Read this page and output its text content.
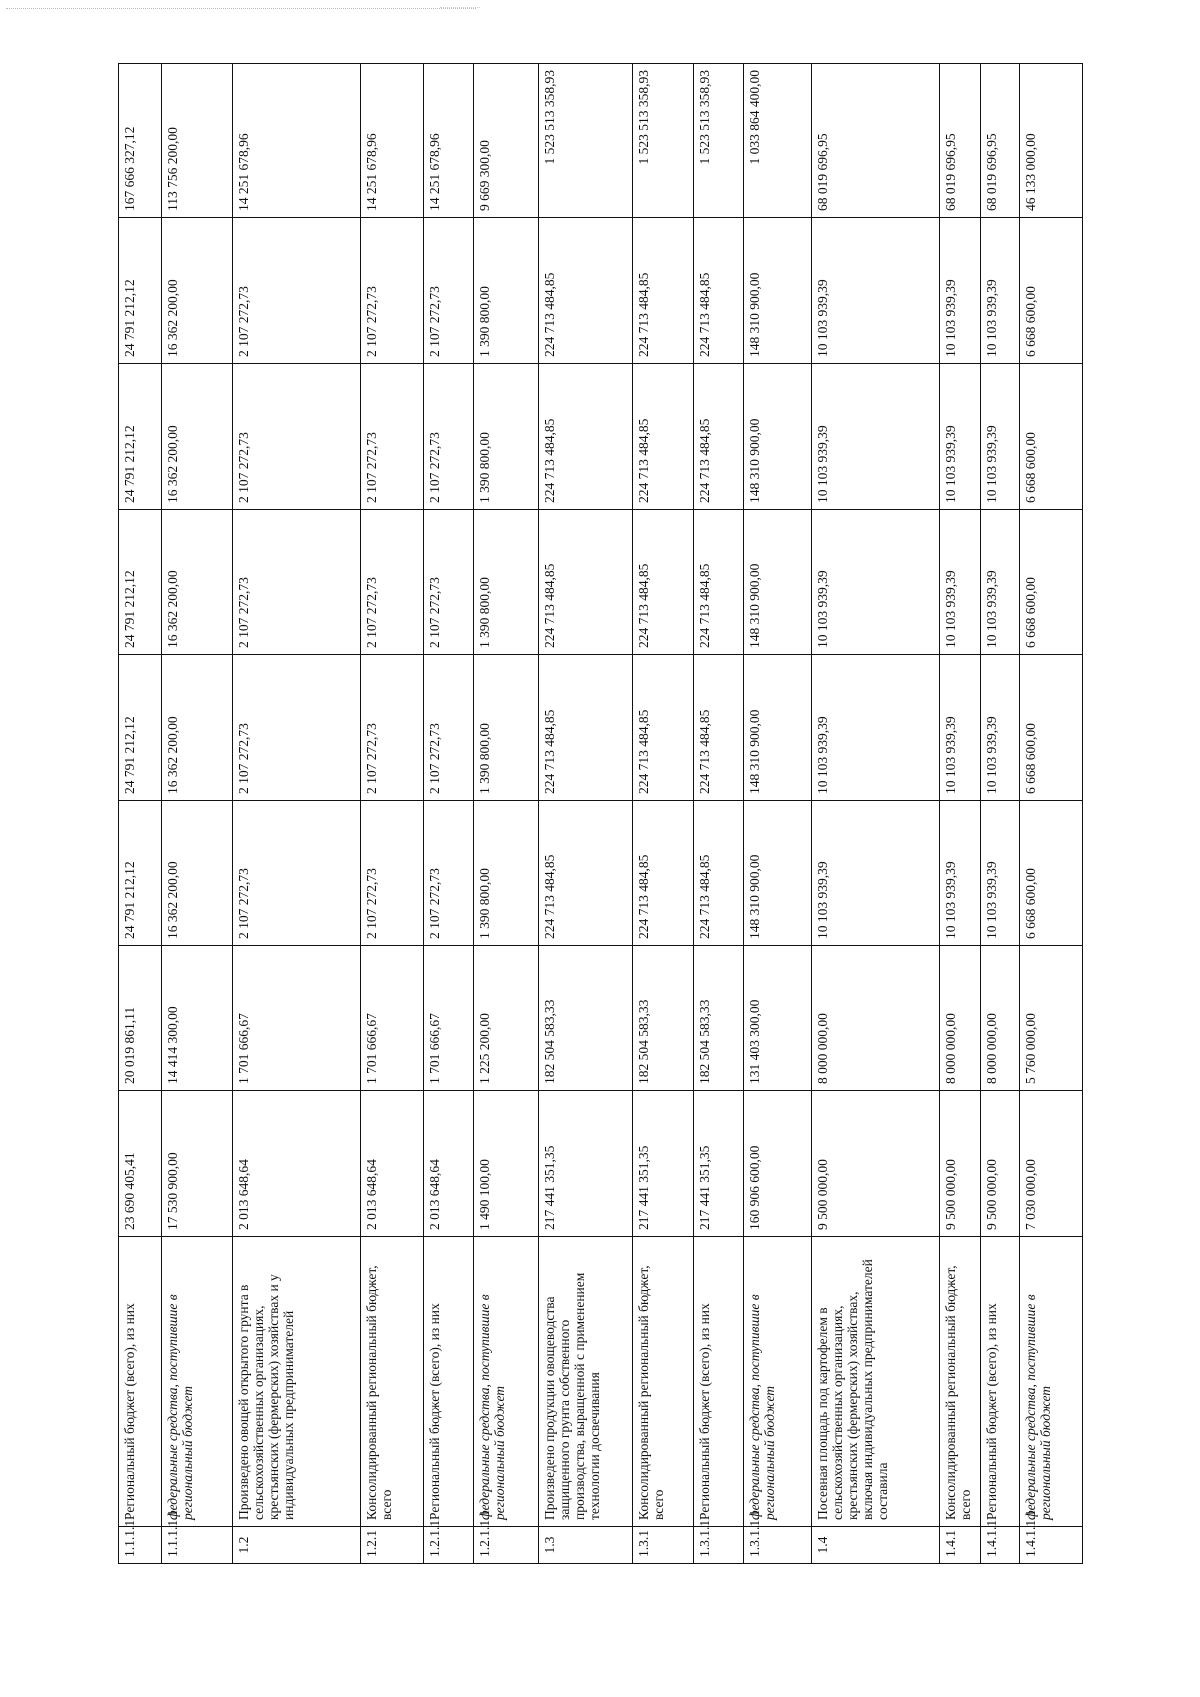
1.1.1.1	Региональный бюджет (всего), из них	23 690 405,41	20 019 861,11	24 791 212,12	24 791 212,12	24 791 212,12	24 791 212,12	24 791 212,12	167 666 327,12
1.1.1.1.1	федеральные средства, поступившие в региональный бюджет	17 530 900,00	14 414 300,00	16 362 200,00	16 362 200,00	16 362 200,00	16 362 200,00	16 362 200,00	113 756 200,00
1.2	Произведено овощей открытого грунта в сельскохозяйственных организациях, крестьянских (фермерских) хозяйствах и у индивидуальных предпринимателей	2 013 648,64	1 701 666,67	2 107 272,73	2 107 272,73	2 107 272,73	2 107 272,73	2 107 272,73	14 251 678,96
1.2.1	Консолидированный региональный бюджет, всего	2 013 648,64	1 701 666,67	2 107 272,73	2 107 272,73	2 107 272,73	2 107 272,73	2 107 272,73	14 251 678,96
1.2.1.1	Региональный бюджет (всего), из них	2 013 648,64	1 701 666,67	2 107 272,73	2 107 272,73	2 107 272,73	2 107 272,73	2 107 272,73	14 251 678,96
1.2.1.1.1	федеральные средства, поступившие в региональный бюджет	1 490 100,00	1 225 200,00	1 390 800,00	1 390 800,00	1 390 800,00	1 390 800,00	1 390 800,00	9 669 300,00
1.3	Произведено продукции овощеводства защищенного грунта собственного производства, выращенной с применением технологии досвечивания	217 441 351,35	182 504 583,33	224 713 484,85	224 713 484,85	224 713 484,85	224 713 484,85	224 713 484,85	1 523 513 358,93
1.3.1	Консолидированный региональный бюджет, всего	217 441 351,35	182 504 583,33	224 713 484,85	224 713 484,85	224 713 484,85	224 713 484,85	224 713 484,85	1 523 513 358,93
1.3.1.1	Региональный бюджет (всего), из них	217 441 351,35	182 504 583,33	224 713 484,85	224 713 484,85	224 713 484,85	224 713 484,85	224 713 484,85	1 523 513 358,93
1.3.1.1.1	федеральные средства, поступившие в региональный бюджет	160 906 600,00	131 403 300,00	148 310 900,00	148 310 900,00	148 310 900,00	148 310 900,00	148 310 900,00	1 033 864 400,00
1.4	Посевная площадь под картофелем в сельскохозяйственных организациях, крестьянских (фермерских) хозяйствах, включая индивидуальных предпринимателей составила	9 500 000,00	8 000 000,00	10 103 939,39	10 103 939,39	10 103 939,39	10 103 939,39	10 103 939,39	68 019 696,95
1.4.1	Консолидированный региональный бюджет, всего	9 500 000,00	8 000 000,00	10 103 939,39	10 103 939,39	10 103 939,39	10 103 939,39	10 103 939,39	68 019 696,95
1.4.1.1	Региональный бюджет (всего), из них	9 500 000,00	8 000 000,00	10 103 939,39	10 103 939,39	10 103 939,39	10 103 939,39	10 103 939,39	68 019 696,95
1.4.1.1.1	федеральные средства, поступившие в региональный бюджет	7 030 000,00	5 760 000,00	6 668 600,00	6 668 600,00	6 668 600,00	6 668 600,00	6 668 600,00	46 133 000,00
